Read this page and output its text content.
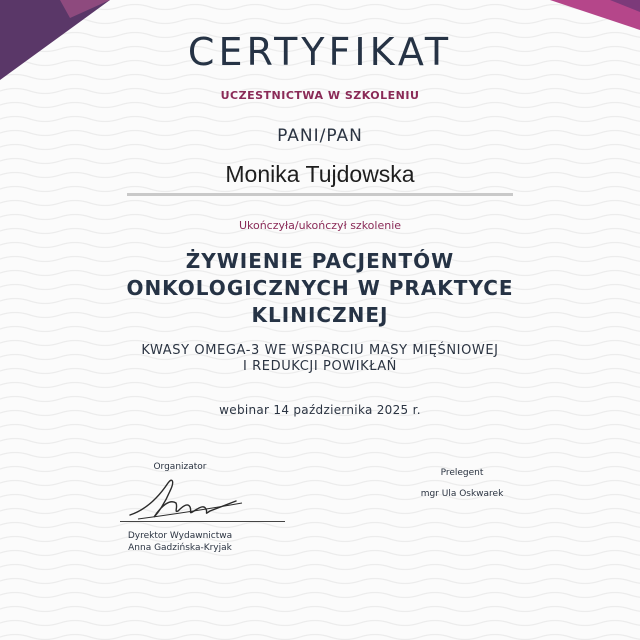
CERTYFIKAT
UCZESTNICTWA W SZKOLENIU
PANI/PAN
Monika Tujdowska
Ukończyła/ukończył szkolenie
ŻYWIENIE PACJENTÓW
ONKOLOGICZNYCH W PRAKTYCE
KLINICZNEJ
KWASY OMEGA-3 WE WSPARCIU MASY MIĘŚNIOWEJ
I REDUKCJI POWIKŁAŃ
webinar 14 października 2025 r.
Organizator
Dyrektor Wydawnictwa
Anna Gadzińska-Kryjak
Prelegent
mgr Ula Oskwarek
